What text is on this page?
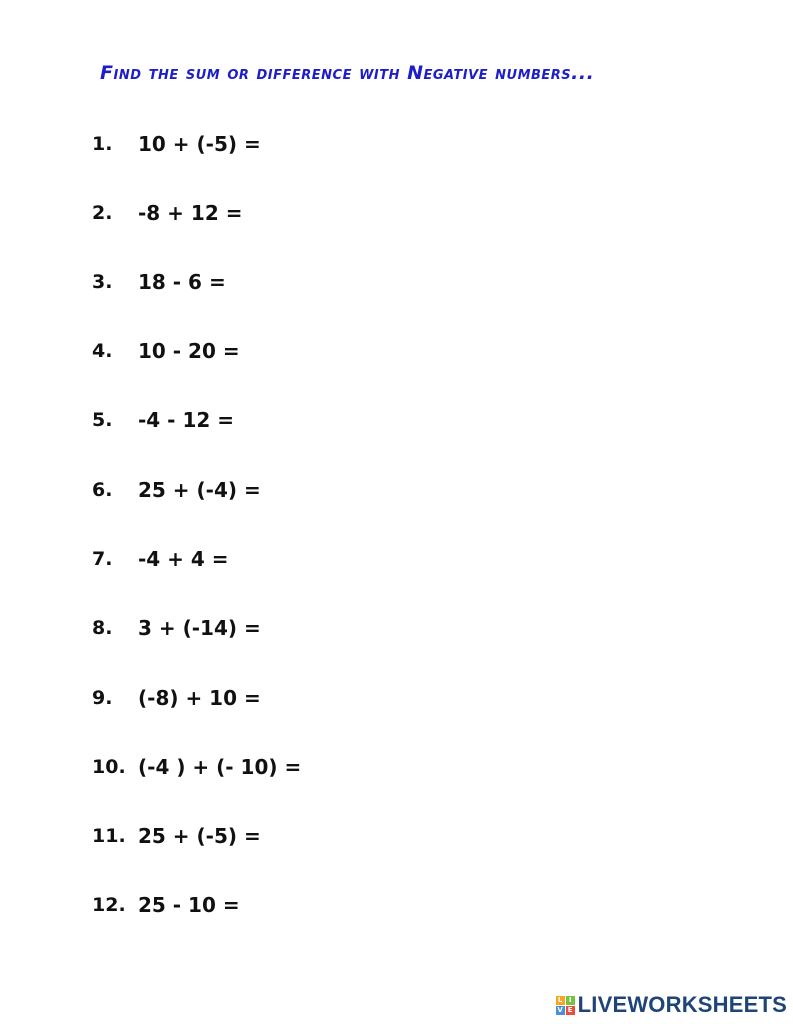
Find the sum or difference with Negative numbers...
1.	10 + (-5) =
2.	-8 + 12 =
3.	18 - 6 =
4.	10 - 20 =
5.	-4 - 12 =
6.	25 + (-4) =
7.	-4 + 4 =
8.	3 + (-14) =
9.	(-8) + 10 =
10. (-4 ) + (- 10) =
11. 25 + (-5) =
12. 25 - 10 =
L I
V E LIVEWORKSHEETS
